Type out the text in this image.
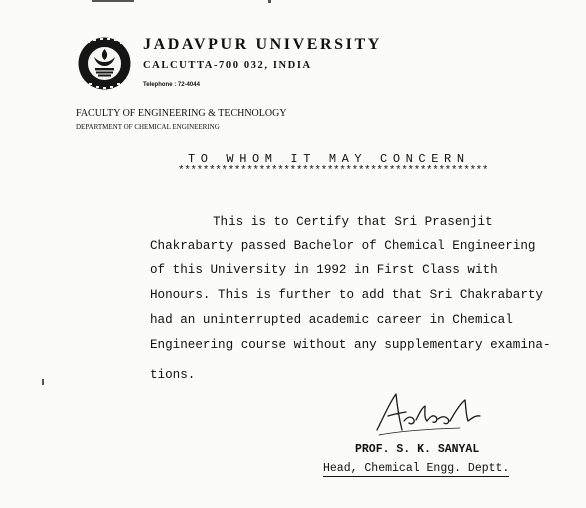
JADAVPUR UNIVERSITY
CALCUTTA-700 032, INDIA
Telephone : 72-4044
FACULTY OF ENGINEERING & TECHNOLOGY
DEPARTMENT OF CHEMICAL ENGINEERING
TO WHOM IT MAY CONCERN
**************************************************
This is to Certify that Sri Prasenjit
Chakrabarty passed Bachelor of Chemical Engineering
of this University in 1992 in First Class with
Honours. This is further to add that Sri Chakrabarty
had an uninterrupted academic career in Chemical
Engineering course without any supplementary examina-
tions.
PROF. S. K. SANYAL
Head, Chemical Engg. Deptt.
